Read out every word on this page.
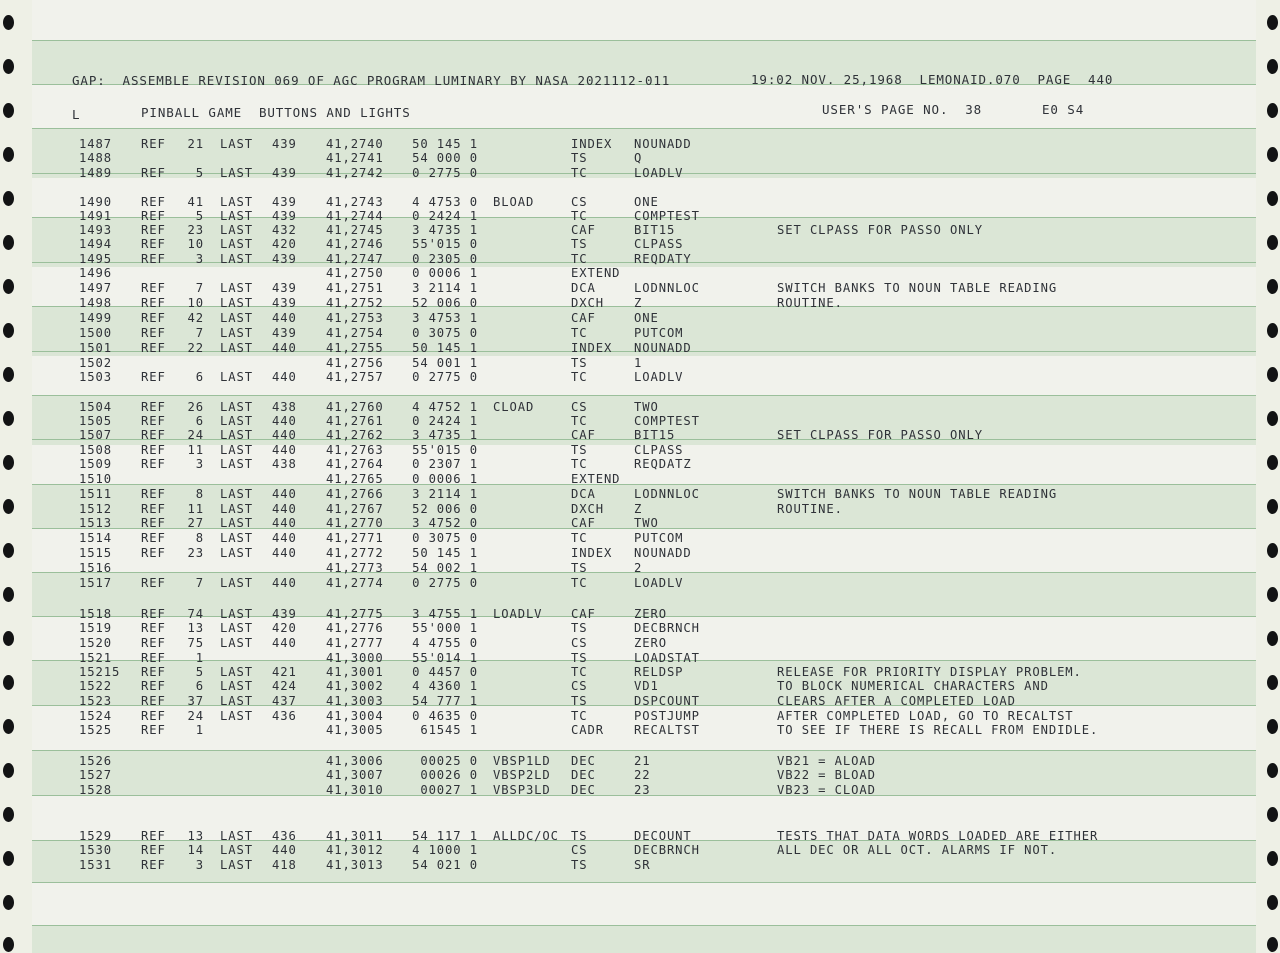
GAP:  ASSEMBLE REVISION 069 OF AGC PROGRAM LUMINARY BY NASA 2021112-011	19:02 NOV. 25,1968  LEMONAID.070  PAGE  440
L	PINBALL GAME  BUTTONS AND LIGHTS	USER'S PAGE NO.  38	E0 S4
1487 REF	21 LAST 439 41,2740	50 145 1	INDEX NOUNADD
1488	41,2741	54 000 0	TS	Q
1489 REF	5 LAST 439 41,2742	0 2775 0	TC	LOADLV
1490 REF	41 LAST 439 41,2743	4 4753 0 BLOAD	CS	ONE
1491 REF	5 LAST 439 41,2744	0 2424 1	TC	COMPTEST
1493 REF	23 LAST 432 41,2745	3 4735 1	CAF	BIT15	SET CLPASS FOR PASSO ONLY
1494 REF	10 LAST 420 41,2746	55'015 0	TS	CLPASS
1495 REF	3 LAST 439 41,2747	0 2305 0	TC	REQDATY
1496	41,2750	0 0006 1	EXTEND
1497 REF	7 LAST 439 41,2751	3 2114 1	DCA	LODNNLOC	SWITCH BANKS TO NOUN TABLE READING
1498 REF	10 LAST 439 41,2752	52 006 0	DXCH Z	ROUTINE.
1499 REF	42 LAST 440 41,2753	3 4753 1	CAF	ONE
1500 REF	7 LAST 439 41,2754	0 3075 0	TC	PUTCOM
1501 REF	22 LAST 440 41,2755	50 145 1	INDEX NOUNADD
1502	41,2756	54 001 1	TS	1
1503 REF	6 LAST 440 41,2757	0 2775 0	TC	LOADLV
1504 REF	26 LAST 438 41,2760	4 4752 1 CLOAD	CS	TWO
1505 REF	6 LAST 440 41,2761	0 2424 1	TC	COMPTEST
1507 REF	24 LAST 440 41,2762	3 4735 1	CAF	BIT15	SET CLPASS FOR PASSO ONLY
1508 REF	11 LAST 440 41,2763	55'015 0	TS	CLPASS
1509 REF	3 LAST 438 41,2764	0 2307 1	TC	REQDATZ
1510	41,2765	0 0006 1	EXTEND
1511 REF	8 LAST 440 41,2766	3 2114 1	DCA	LODNNLOC	SWITCH BANKS TO NOUN TABLE READING
1512 REF	11 LAST 440 41,2767	52 006 0	DXCH Z	ROUTINE.
1513 REF	27 LAST 440 41,2770	3 4752 0	CAF	TWO
1514 REF	8 LAST 440 41,2771	0 3075 0	TC	PUTCOM
1515 REF	23 LAST 440 41,2772	50 145 1	INDEX NOUNADD
1516	41,2773	54 002 1	TS	2
1517 REF	7 LAST 440 41,2774	0 2775 0	TC	LOADLV
1518 REF	74 LAST 439 41,2775	3 4755 1 LOADLV CAF	ZERO
1519 REF	13 LAST 420 41,2776	55'000 1	TS	DECBRNCH
1520 REF	75 LAST 440 41,2777	4 4755 0	CS	ZERO
1521 REF	1	41,3000	55'014 1	TS	LOADSTAT
15215 REF	5 LAST 421 41,3001	0 4457 0	TC	RELDSP	RELEASE FOR PRIORITY DISPLAY PROBLEM.
1522 REF	6 LAST 424 41,3002	4 4360 1	CS	VD1	TO BLOCK NUMERICAL CHARACTERS AND
1523 REF	37 LAST 437 41,3003	54 777 1	TS	DSPCOUNT	CLEARS AFTER A COMPLETED LOAD
1524 REF	24 LAST 436 41,3004	0 4635 0	TC	POSTJUMP	AFTER COMPLETED LOAD, GO TO RECALTST
1525 REF	1	41,3005	61545 1	CADR RECALTST	TO SEE IF THERE IS RECALL FROM ENDIDLE.
1526	41,3006	00025 0 VBSP1LD DEC	21	VB21 = ALOAD
1527	41,3007	00026 0 VBSP2LD DEC	22	VB22 = BLOAD
1528	41,3010	00027 1 VBSP3LD DEC	23	VB23 = CLOAD
1529 REF	13 LAST 436 41,3011	54 117 1 ALLDC/OC TS	DECOUNT	TESTS THAT DATA WORDS LOADED ARE EITHER
1530 REF	14 LAST 440 41,3012	4 1000 1	CS	DECBRNCH	ALL DEC OR ALL OCT. ALARMS IF NOT.
1531 REF	3 LAST 418 41,3013	54 021 0	TS	SR
